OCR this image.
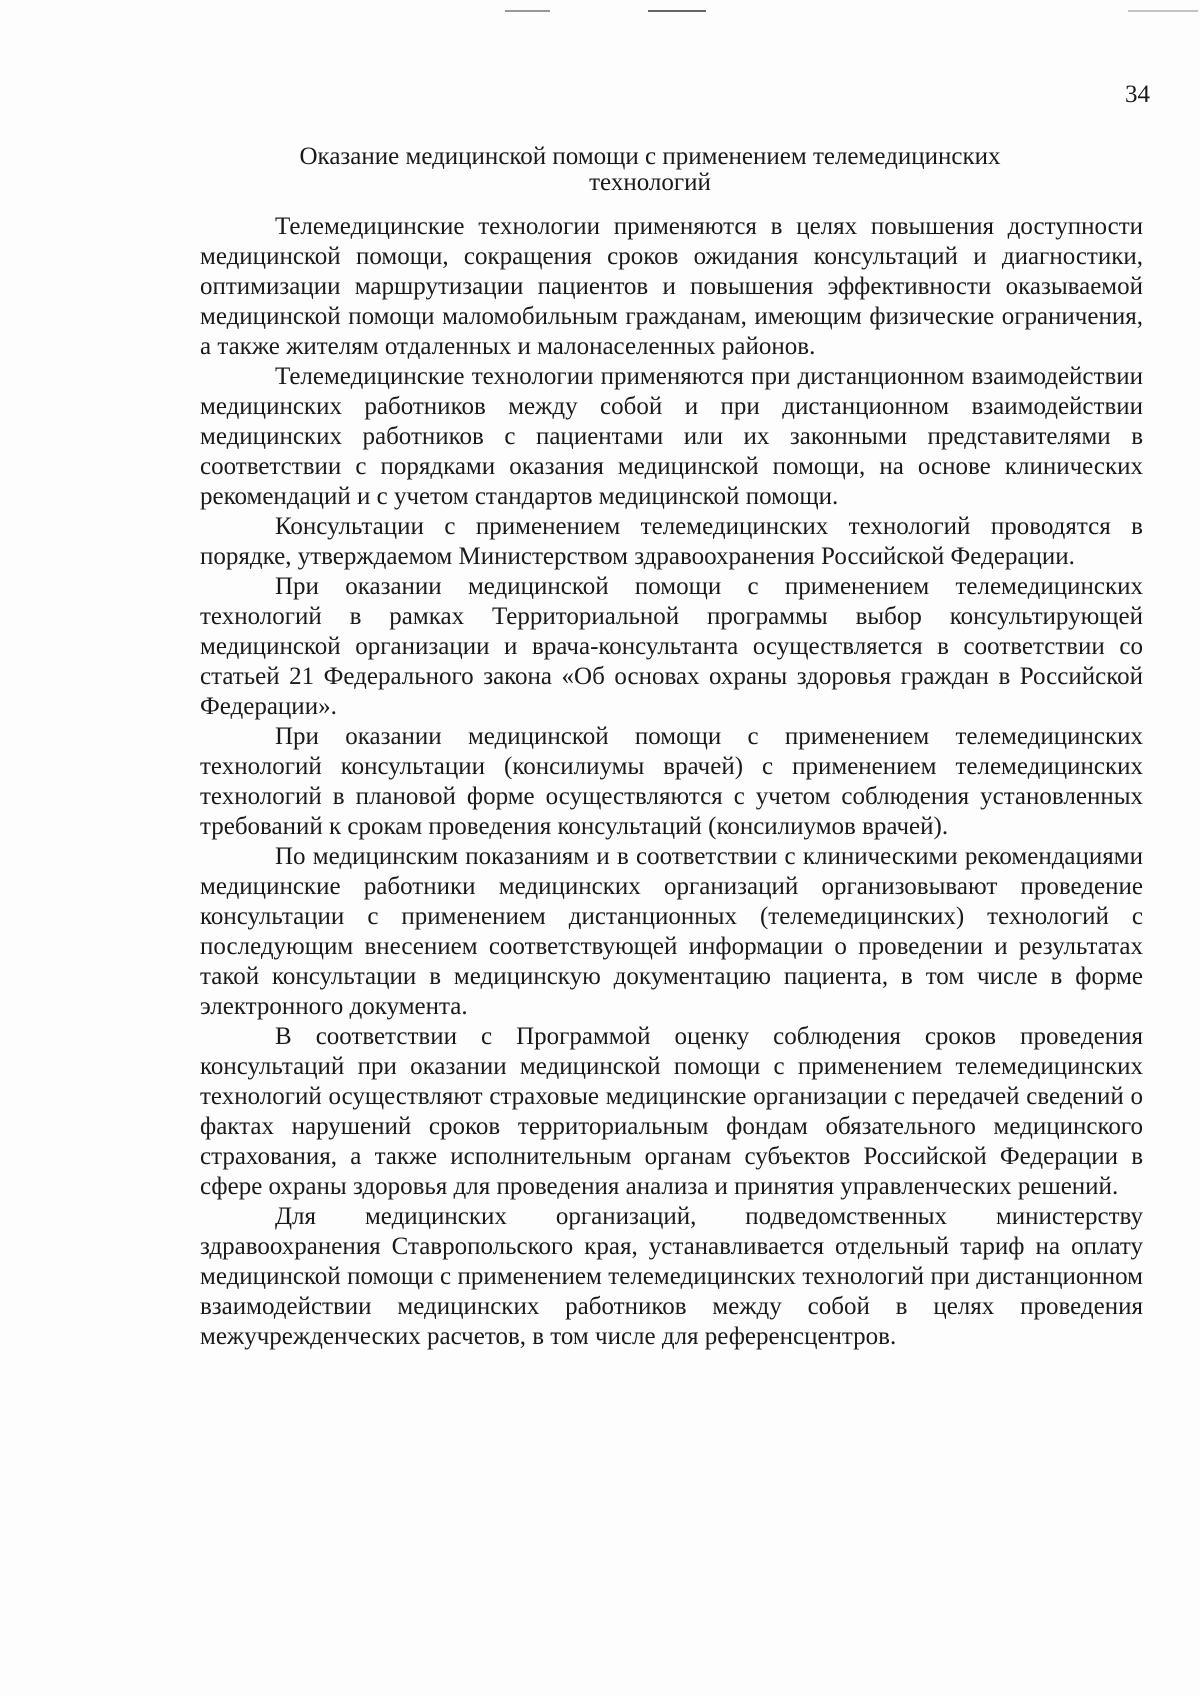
34
Оказание медицинской помощи с применением телемедицинских
технологий

Телемедицинские технологии применяются в целях повышения доступности медицинской помощи, сокращения сроков ожидания консультаций и диагностики, оптимизации маршрутизации пациентов и повышения эффективности оказываемой медицинской помощи маломобильным гражданам, имеющим физические ограничения, а также жителям отдаленных и малонаселенных районов.

Телемедицинские технологии применяются при дистанционном взаимодействии медицинских работников между собой и при дистанционном взаимодействии медицинских работников с пациентами или их законными представителями в соответствии с порядками оказания медицинской помощи, на основе клинических рекомендаций и с учетом стандартов медицинской помощи.

Консультации с применением телемедицинских технологий проводятся в порядке, утверждаемом Министерством здравоохранения Российской Федерации.

При оказании медицинской помощи с применением телемедицинских технологий в рамках Территориальной программы выбор консультирующей медицинской организации и врача-консультанта осуществляется в соответствии со статьей 21 Федерального закона «Об основах охраны здоровья граждан в Российской Федерации».

При оказании медицинской помощи с применением телемедицинских технологий консультации (консилиумы врачей) с применением телемедицинских технологий в плановой форме осуществляются с учетом соблюдения установленных требований к срокам проведения консультаций (консилиумов врачей).

По медицинским показаниям и в соответствии с клиническими рекомендациями медицинские работники медицинских организаций организовывают проведение консультации с применением дистанционных (телемедицинских) технологий с последующим внесением соответствующей информации о проведении и результатах такой консультации в медицинскую документацию пациента, в том числе в форме электронного документа.

В соответствии с Программой оценку соблюдения сроков проведения консультаций при оказании медицинской помощи с применением телемедицинских технологий осуществляют страховые медицинские организации с передачей сведений о фактах нарушений сроков территориальным фондам обязательного медицинского страхования, а также исполнительным органам субъектов Российской Федерации в сфере охраны здоровья для проведения анализа и принятия управленческих решений.

Для медицинских организаций, подведомственных министерству здравоохранения Ставропольского края, устанавливается отдельный тариф на оплату медицинской помощи с применением телемедицинских технологий при дистанционном взаимодействии медицинских работников между собой в целях проведения межучрежденческих расчетов, в том числе для референсцентров.
